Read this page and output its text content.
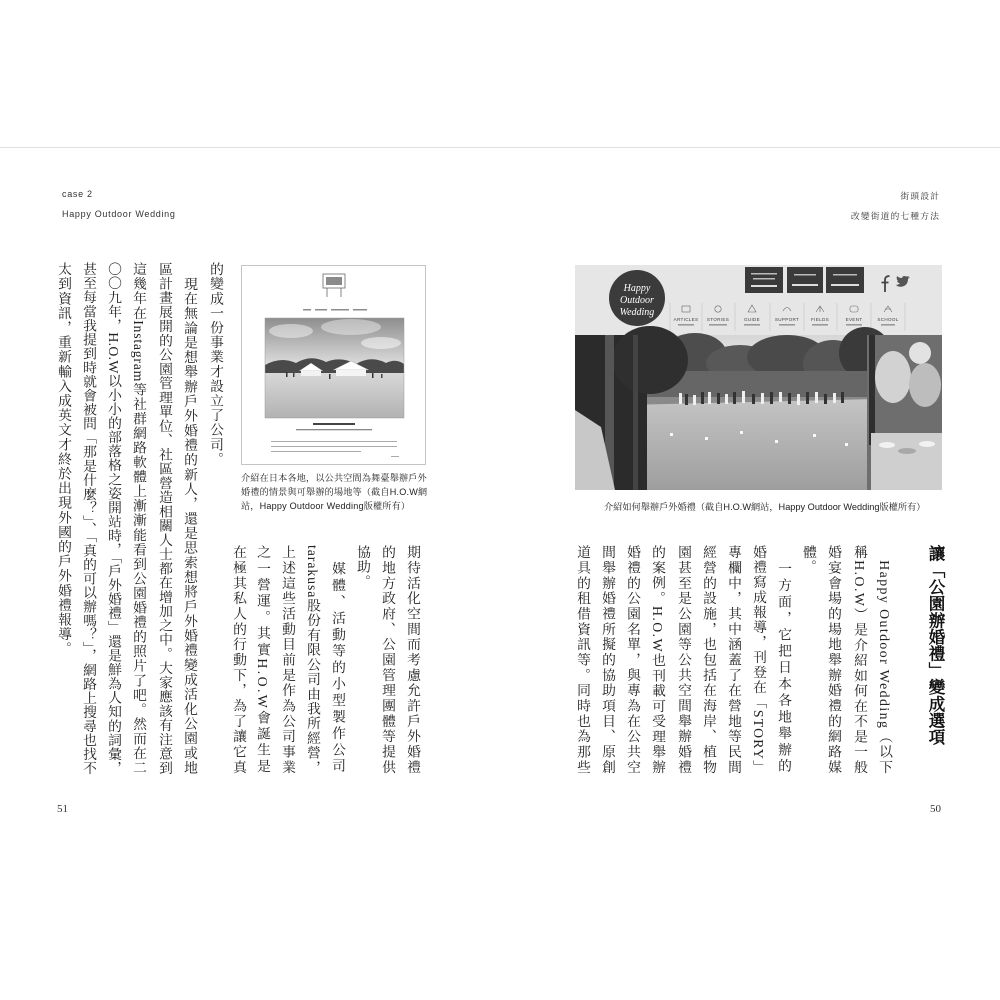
case 2
Happy Outdoor Wedding
介紹在日本各地，以公共空間為舞臺舉辦戶外婚禮的情景與可舉辦的場地等（截自H.O.W網站，Happy Outdoor Wedding版權所有）
期待活化空間而考慮允許戶外婚禮
的地方政府、公園管理團體等提供
協助。
　媒體、活動等的小型製作公司
tarakusa股份有限公司由我所經營，
上述這些活動目前是作為公司事業
之一營運。其實H.O.W會誕生是
在極其私人的行動下，為了讓它真
的變成一份事業才設立了公司。
　現在無論是想舉辦戶外婚禮的新人，還是思索想將戶外婚禮變成活化公園或地
區計畫展開的公園管理單位、社區營造相關人士都在增加之中。大家應該有注意到
這幾年在Instagram等社群網路軟體上漸漸能看到公園婚禮的照片了吧。然而在二
〇〇九年，H.O.W以小小的部落格之姿開站時，「戶外婚禮」還是鮮為人知的詞彙，
甚至每當我提到時就會被問「那是什麼？」、「真的可以辦嗎？」，網路上搜尋也找不
太到資訊，重新輸入成英文才終於出現外國的戶外婚禮報導。
51
街頭設計
改變街道的七種方法
Happy
Outdoor
Wedding
ARTICLES STORIES	GUIDE	SUPPORT	FIELDS	EVENT	SCHOOL
介紹如何舉辦戶外婚禮（截自H.O.W網站，Happy Outdoor Wedding版權所有）
讓「公園辦婚禮」變成選項
　Happy Outdoor Wedding（以下
稱H.O.W）是介紹如何在不是一般
婚宴會場的場地舉辦婚禮的網路媒
體。
　一方面，它把日本各地舉辦的
婚禮寫成報導，刊登在「STORY」
專欄中，其中涵蓋了在營地等民間
經營的設施，也包括在海岸、植物
園甚至是公園等公共空間舉辦婚禮
的案例。H.O.W也刊載可受理舉辦
婚禮的公園名單，與專為在公共空
間舉辦婚禮所擬的協助項目、原創
道具的租借資訊等。同時也為那些
50
